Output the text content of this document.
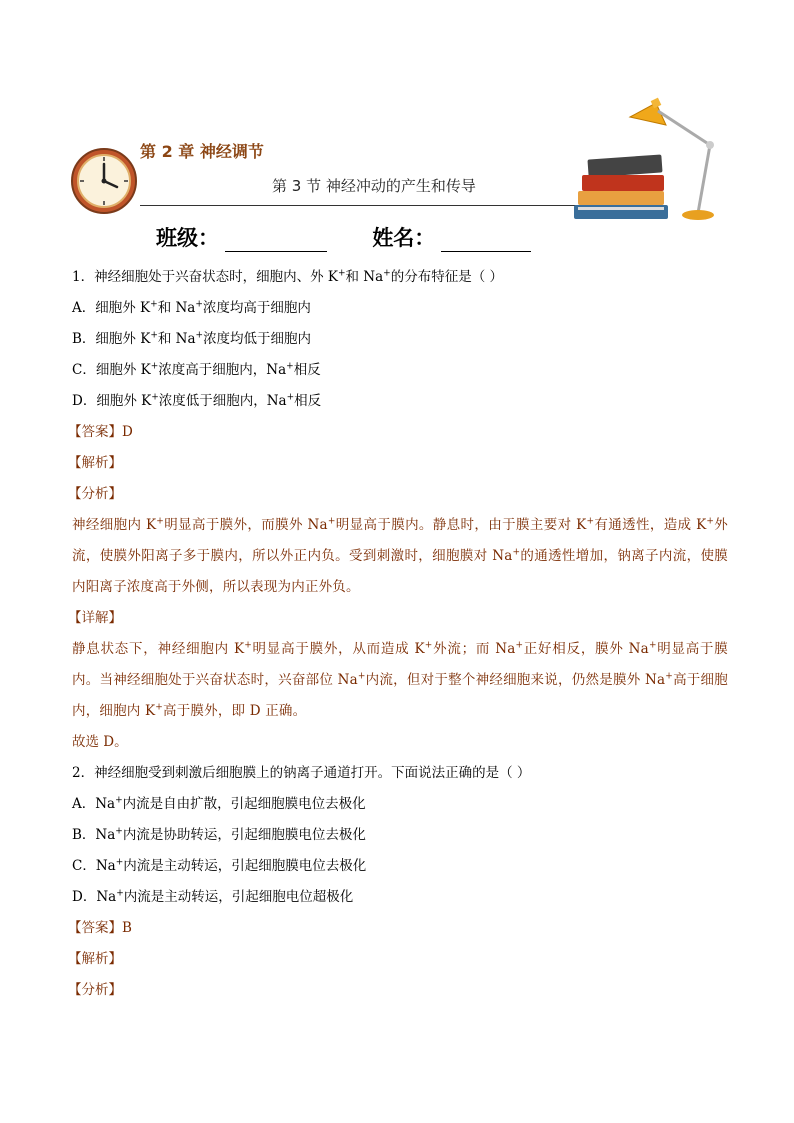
第 2 章 神经调节
第 3 节 神经冲动的产生和传导
班级：	姓名：

1．神经细胞处于兴奋状态时，细胞内、外 K+和 Na+的分布特征是（ ）

A．细胞外 K+和 Na+浓度均高于细胞内

B．细胞外 K+和 Na+浓度均低于细胞内

C．细胞外 K+浓度高于细胞内，Na+相反

D．细胞外 K+浓度低于细胞内，Na+相反

【答案】D

【解析】

【分析】

神经细胞内 K+明显高于膜外，而膜外 Na+明显高于膜内。静息时，由于膜主要对 K+有通透性，造成 K+外流，使膜外阳离子多于膜内，所以外正内负。受到刺激时，细胞膜对 Na+的通透性增加，钠离子内流，使膜内阳离子浓度高于外侧，所以表现为内正外负。

【详解】

静息状态下，神经细胞内 K+明显高于膜外，从而造成 K+外流；而 Na+正好相反，膜外 Na+明显高于膜内。当神经细胞处于兴奋状态时，兴奋部位 Na+内流，但对于整个神经细胞来说，仍然是膜外 Na+高于细胞内，细胞内 K+高于膜外，即 D 正确。

故选 D。

2．神经细胞受到刺激后细胞膜上的钠离子通道打开。下面说法正确的是（ ）

A．Na+内流是自由扩散，引起细胞膜电位去极化

B．Na+内流是协助转运，引起细胞膜电位去极化

C．Na+内流是主动转运，引起细胞膜电位去极化

D．Na+内流是主动转运，引起细胞电位超极化

【答案】B

【解析】

【分析】
